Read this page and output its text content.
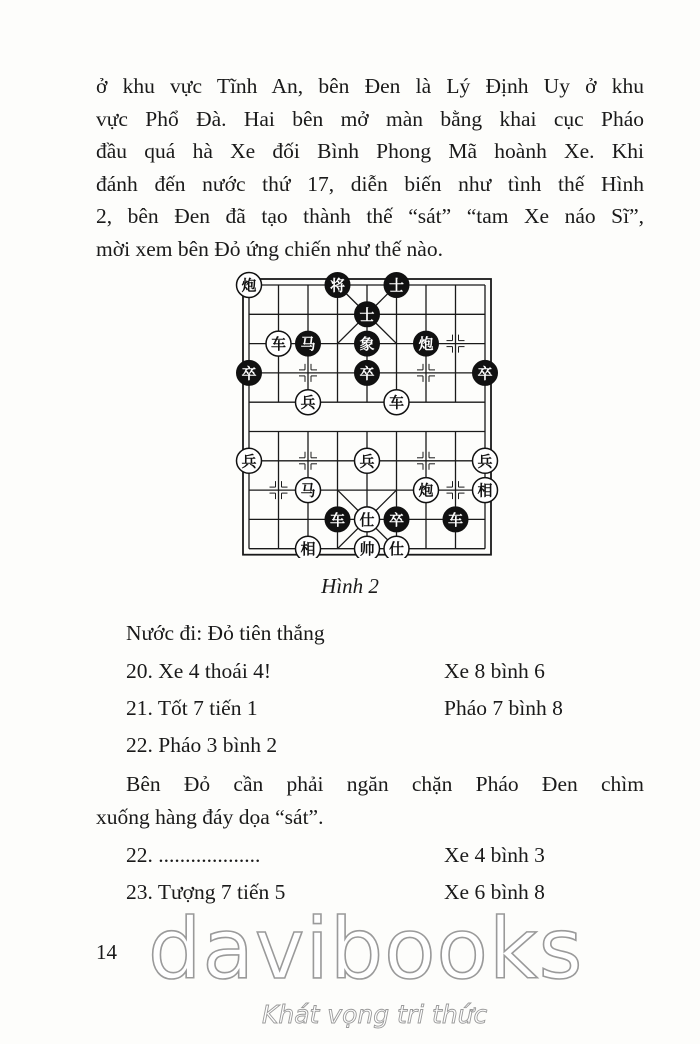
ở khu vực Tĩnh An, bên Đen là Lý Định Uy ở khu
vực Phổ Đà. Hai bên mở màn bằng khai cục Pháo
đầu quá hà Xe đối Bình Phong Mã hoành Xe. Khi
đánh đến nước thứ 17, diễn biến như tình thế Hình
2, bên Đen đã tạo thành thế “sát” “tam Xe náo Sĩ”,
mời xem bên Đỏ ứng chiến như thế nào.
炮	将	士
士
车 马	象	炮
卒	卒	卒
兵	车
兵	兵	兵
马	炮	相
车 仕 卒	车
相	帅 仕
Hình 2
Nước đi: Đỏ tiên thắng
20. Xe 4 thoái 4!	Xe 8 bình 6
21. Tốt 7 tiến 1	Pháo 7 bình 8
22. Pháo 3 bình 2
Bên Đỏ cần phải ngăn chặn Pháo Đen chìm
xuống hàng đáy dọa “sát”.
22. ...................	Xe 4 bình 3
23. Tượng 7 tiến 5	Xe 6 bình 8
davibooks
Khát vọng tri thức
14
